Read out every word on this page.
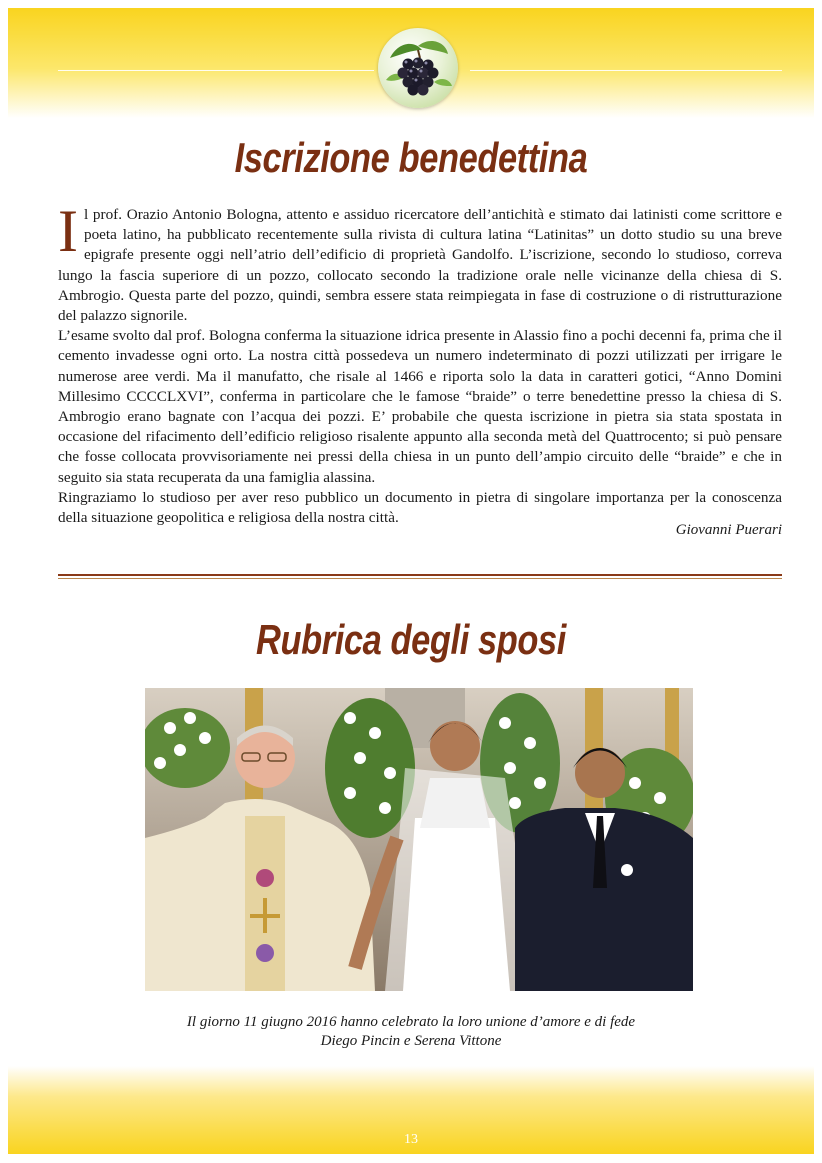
Iscrizione benedettina

Il prof. Orazio Antonio Bologna, attento e assiduo ricercatore dell’antichità e stimato dai latinisti come scrittore e poeta latino, ha pubblicato recentemente sulla rivista di cultura latina “Latinitas” un dotto studio su una breve epigrafe presente oggi nell’atrio dell’edificio di proprietà Gandolfo. L’iscrizione, secondo lo studioso, correva lungo la fascia superiore di un pozzo, collocato secondo la tradizione orale nelle vicinanze della chiesa di S. Ambrogio. Questa parte del pozzo, quindi, sembra essere stata reimpiegata in fase di costruzione o di ristrutturazione del palazzo signorile.

L’esame svolto dal prof. Bologna conferma la situazione idrica presente in Alassio fino a pochi decenni fa, prima che il cemento invadesse ogni orto. La nostra città possedeva un numero indeterminato di pozzi utilizzati per irrigare le numerose aree verdi. Ma il manufatto, che risale al 1466 e riporta solo la data in caratteri gotici, “Anno Domini Millesimo CCCCLXVI”, conferma in particolare che le famose “braide” o terre benedettine presso la chiesa di S. Ambrogio erano bagnate con l’acqua dei pozzi. E’ probabile che questa iscrizione in pietra sia stata spostata in occasione del rifacimento dell’edificio religioso risalente appunto alla seconda metà del Quattrocento; si può pensare che fosse collocata provvisoriamente nei pressi della chiesa in un punto dell’ampio circuito delle “braide” e che in seguito sia stata recuperata da una famiglia alassina.

Ringraziamo lo studioso per aver reso pubblico un documento in pietra di singolare importanza per la conoscenza della situazione geopolitica e religiosa della nostra città.

Giovanni Puerari
Rubrica degli sposi
Il giorno 11 giugno 2016 hanno celebrato la loro unione d’amore e di fede
Diego Pincin e Serena Vittone
13
